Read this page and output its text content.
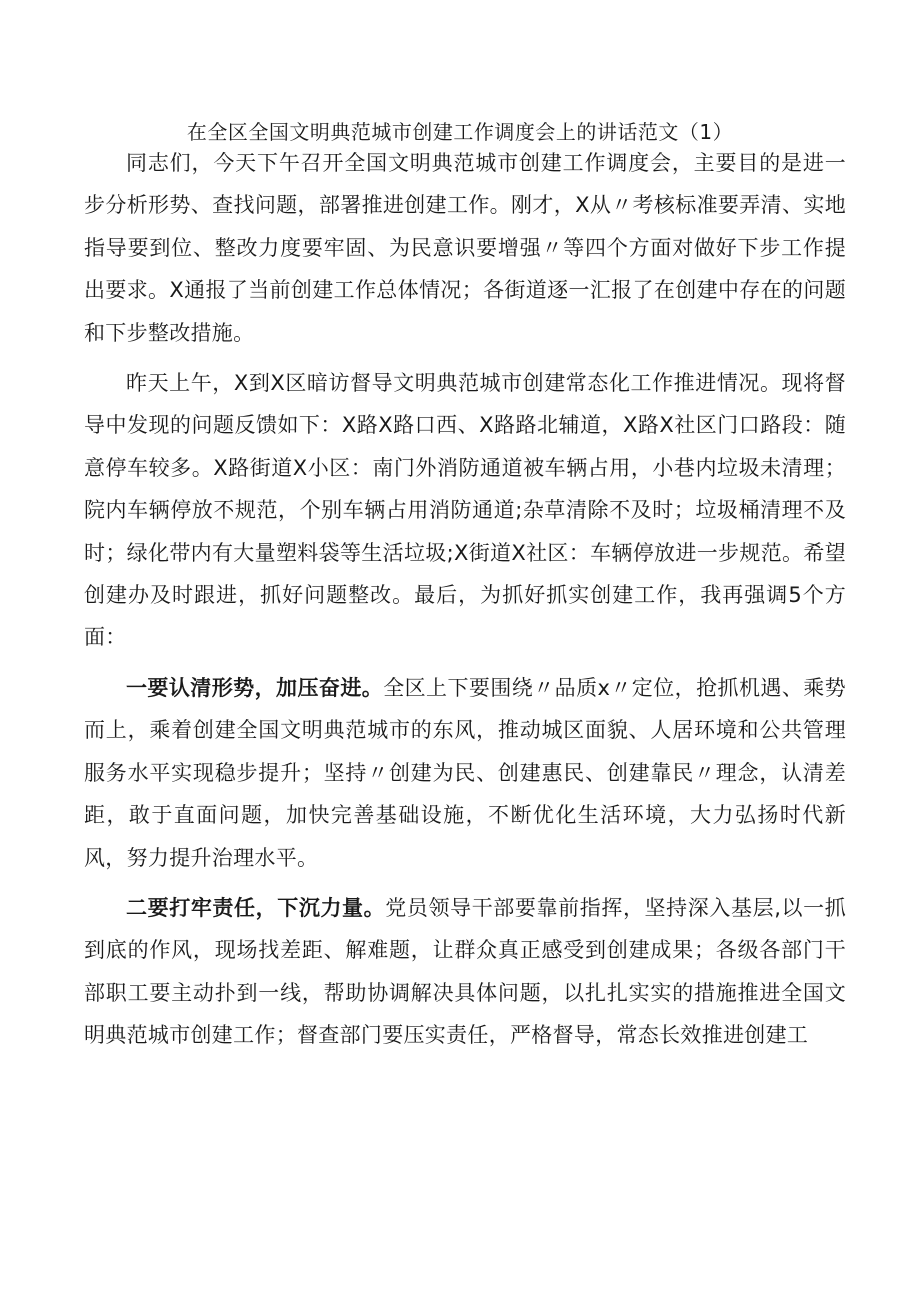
在全区全国文明典范城市创建工作调度会上的讲话范文（1）

同志们，今天下午召开全国文明典范城市创建工作调度会，主要目的是进一步分析形势、查找问题，部署推进创建工作。刚才，X从〃考核标准要弄清、实地指导要到位、整改力度要牢固、为民意识要增强〃等四个方面对做好下步工作提出要求。X通报了当前创建工作总体情况；各街道逐一汇报了在创建中存在的问题和下步整改措施。

昨天上午，X到X区暗访督导文明典范城市创建常态化工作推进情况。现将督导中发现的问题反馈如下：X路X路口西、X路路北辅道，X路X社区门口路段：随意停车较多。X路街道X小区：南门外消防通道被车辆占用，小巷内垃圾未清理；院内车辆停放不规范，个别车辆占用消防通道;杂草清除不及时；垃圾桶清理不及时；绿化带内有大量塑料袋等生活垃圾;X街道X社区：车辆停放进一步规范。希望创建办及时跟进，抓好问题整改。最后，为抓好抓实创建工作，我再强调5个方面：

一要认清形势，加压奋进。全区上下要围绕〃品质x〃定位，抢抓机遇、乘势而上，乘着创建全国文明典范城市的东风，推动城区面貌、人居环境和公共管理服务水平实现稳步提升；坚持〃创建为民、创建惠民、创建靠民〃理念，认清差距，敢于直面问题，加快完善基础设施，不断优化生活环境，大力弘扬时代新风，努力提升治理水平。

二要打牢责任，下沉力量。党员领导干部要靠前指挥，坚持深入基层,以一抓到底的作风，现场找差距、解难题，让群众真正感受到创建成果；各级各部门干部职工要主动扑到一线，帮助协调解决具体问题，以扎扎实实的措施推进全国文明典范城市创建工作；督查部门要压实责任，严格督导，常态长效推进创建工
